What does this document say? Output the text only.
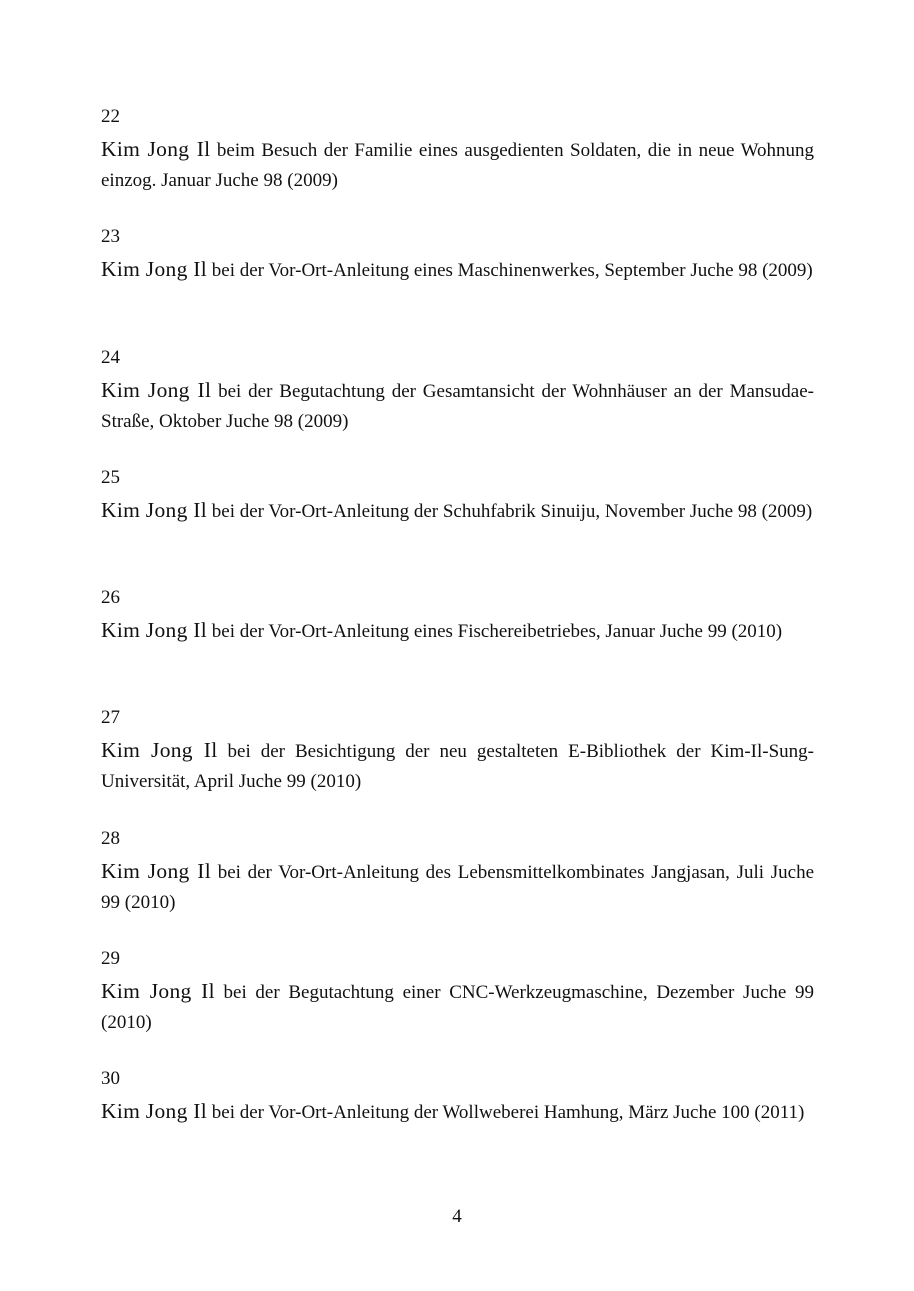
22

Kim Jong Il beim Besuch der Familie eines ausgedienten Soldaten, die in neue Wohnung einzog. Januar Juche 98 (2009)

23

Kim Jong Il bei der Vor-Ort-Anleitung eines Maschinenwerkes, September Juche 98 (2009)

24

Kim Jong Il bei der Begutachtung der Gesamtansicht der Wohnhäuser an der Mansudae-Straße, Oktober Juche 98 (2009)

25

Kim Jong Il bei der Vor-Ort-Anleitung der Schuhfabrik Sinuiju, November Juche 98 (2009)

26

Kim Jong Il bei der Vor-Ort-Anleitung eines Fischereibetriebes, Januar Juche 99 (2010)

27

Kim Jong Il bei der Besichtigung der neu gestalteten E-Bibliothek der Kim-Il-Sung-Universität, April Juche 99 (2010)

28

Kim Jong Il bei der Vor-Ort-Anleitung des Lebensmittelkombinates Jangjasan, Juli Juche 99 (2010)

29

Kim Jong Il bei der Begutachtung einer CNC-Werkzeugmaschine, Dezember Juche 99 (2010)

30

Kim Jong Il bei der Vor-Ort-Anleitung der Wollweberei Hamhung, März Juche 100 (2011)

4
